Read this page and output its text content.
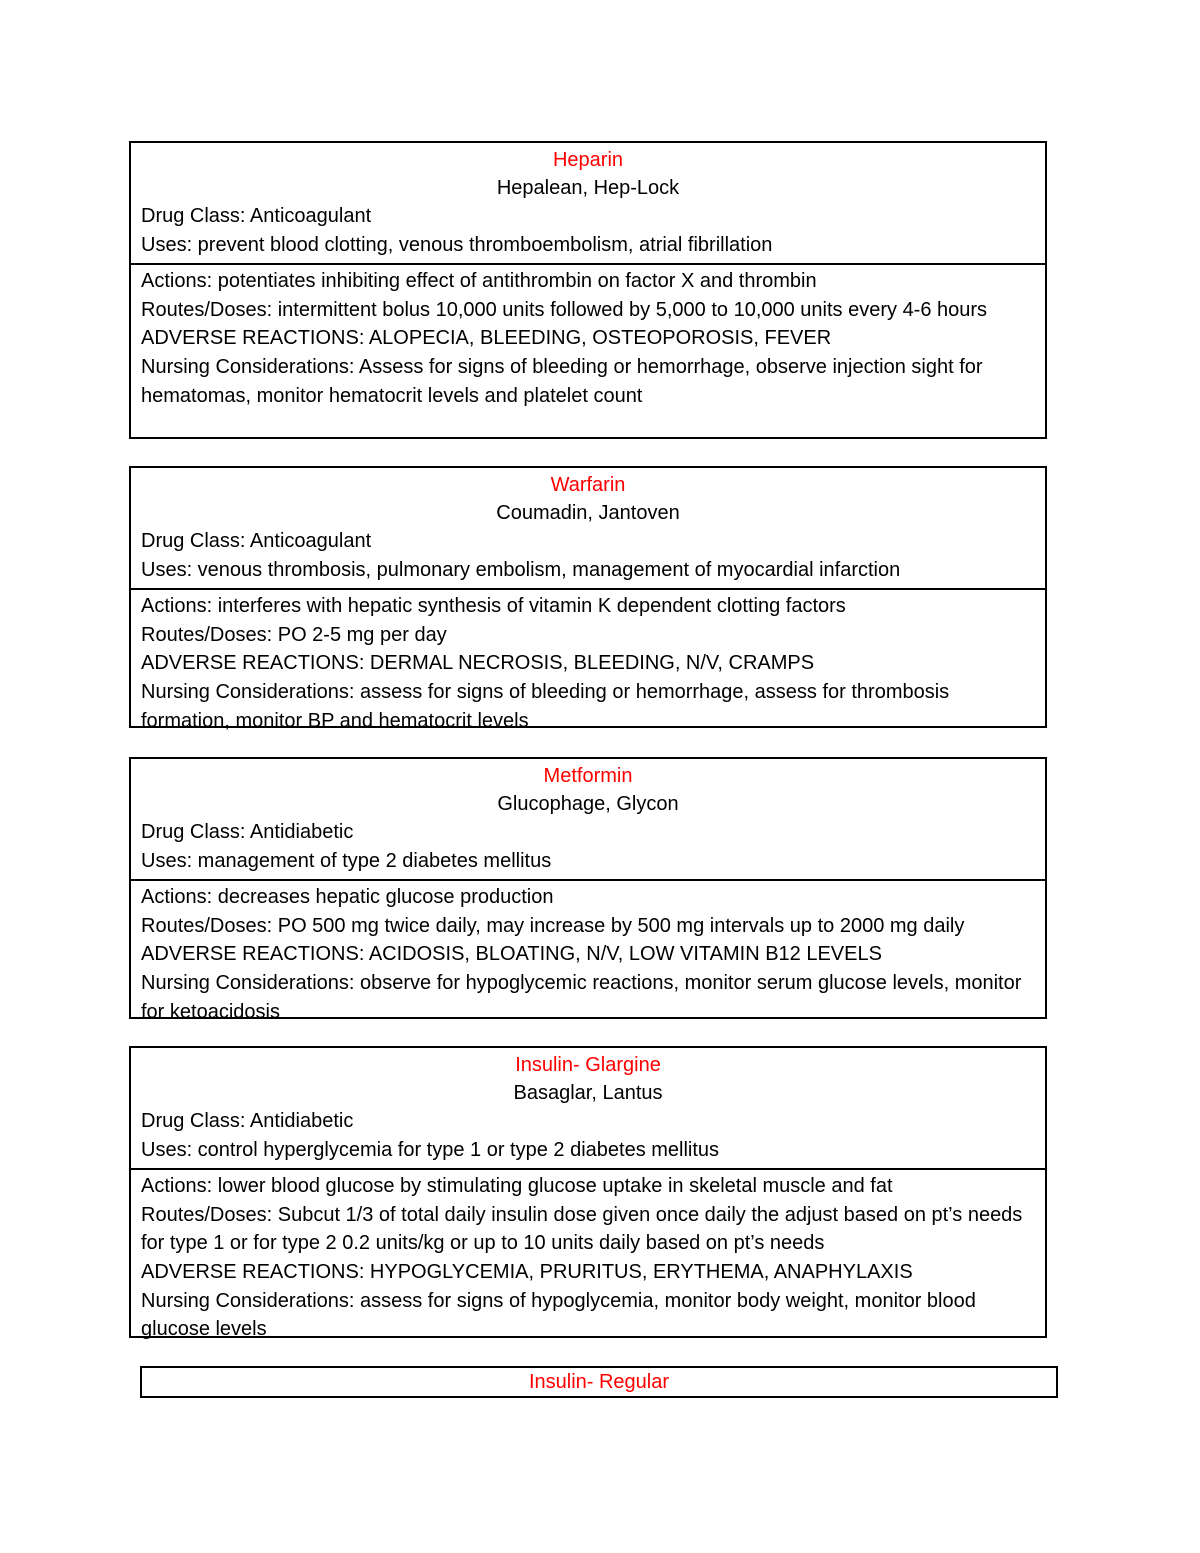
Heparin
Hepalean, Hep-Lock
Drug Class: Anticoagulant
Uses: prevent blood clotting, venous thromboembolism, atrial fibrillation
Actions: potentiates inhibiting effect of antithrombin on factor X and thrombin
Routes/Doses: intermittent bolus 10,000 units followed by 5,000 to 10,000 units every 4-6 hours
ADVERSE REACTIONS: ALOPECIA, BLEEDING, OSTEOPOROSIS, FEVER
Nursing Considerations: Assess for signs of bleeding or hemorrhage, observe injection sight for hematomas, monitor hematocrit levels and platelet count
Warfarin
Coumadin, Jantoven
Drug Class: Anticoagulant
Uses: venous thrombosis, pulmonary embolism, management of myocardial infarction
Actions: interferes with hepatic synthesis of vitamin K dependent clotting factors
Routes/Doses: PO 2-5 mg per day
ADVERSE REACTIONS: DERMAL NECROSIS, BLEEDING, N/V, CRAMPS
Nursing Considerations: assess for signs of bleeding or hemorrhage, assess for thrombosis formation, monitor BP and hematocrit levels
Metformin
Glucophage, Glycon
Drug Class: Antidiabetic
Uses: management of type 2 diabetes mellitus
Actions: decreases hepatic glucose production
Routes/Doses: PO 500 mg twice daily, may increase by 500 mg intervals up to 2000 mg daily
ADVERSE REACTIONS: ACIDOSIS, BLOATING, N/V, LOW VITAMIN B12 LEVELS
Nursing Considerations: observe for hypoglycemic reactions, monitor serum glucose levels, monitor for ketoacidosis
Insulin- Glargine
Basaglar, Lantus
Drug Class: Antidiabetic
Uses: control hyperglycemia for type 1 or type 2 diabetes mellitus
Actions: lower blood glucose by stimulating glucose uptake in skeletal muscle and fat
Routes/Doses: Subcut 1/3 of total daily insulin dose given once daily the adjust based on pt’s needs for type 1 or for type 2 0.2 units/kg or up to 10 units daily based on pt’s needs
ADVERSE REACTIONS: HYPOGLYCEMIA, PRURITUS, ERYTHEMA, ANAPHYLAXIS
Nursing Considerations: assess for signs of hypoglycemia, monitor body weight, monitor blood glucose levels
Insulin- Regular
